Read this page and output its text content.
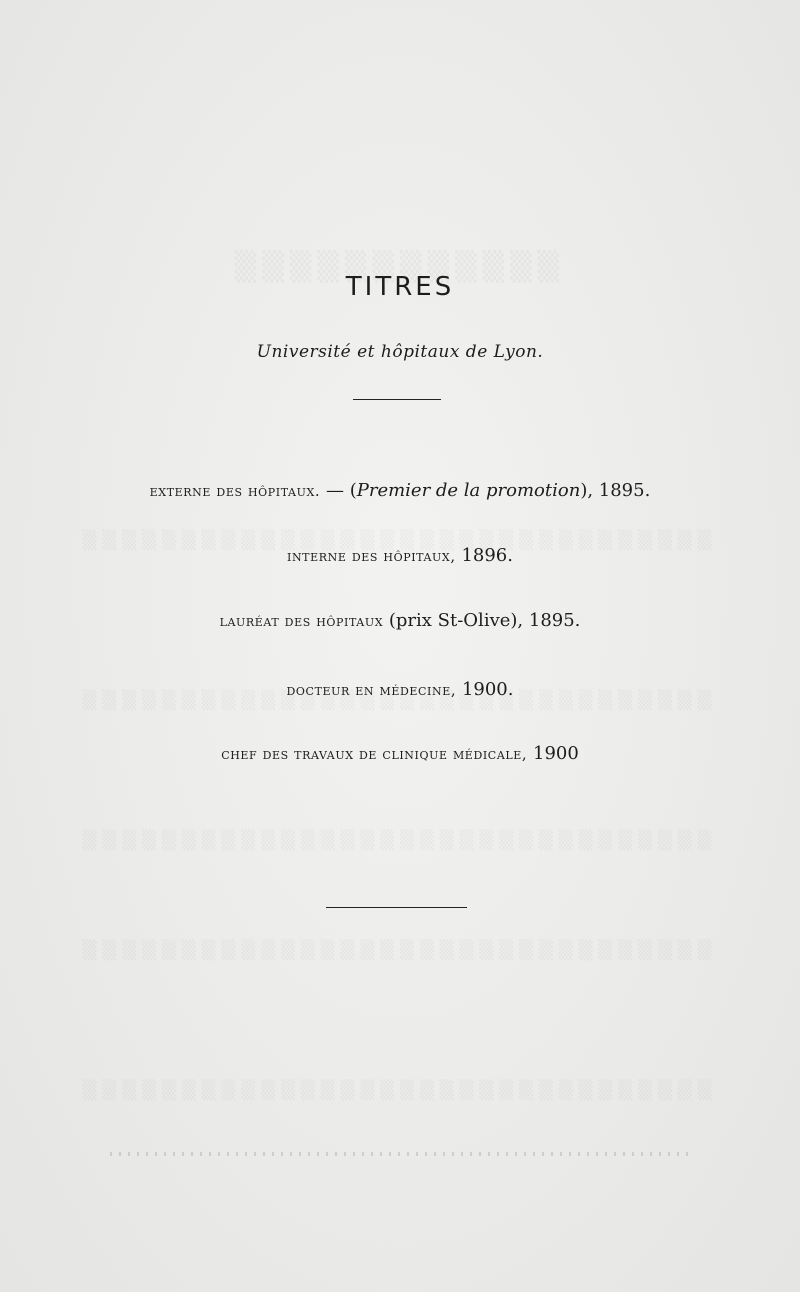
TITRES
Université et hôpitaux de Lyon.
externe des hôpitaux. — (Premier de la promotion), 1895.
interne des hôpitaux, 1896.
lauréat des hôpitaux (prix St-Olive), 1895.
docteur en médecine, 1900.
chef des travaux de clinique médicale, 1900
